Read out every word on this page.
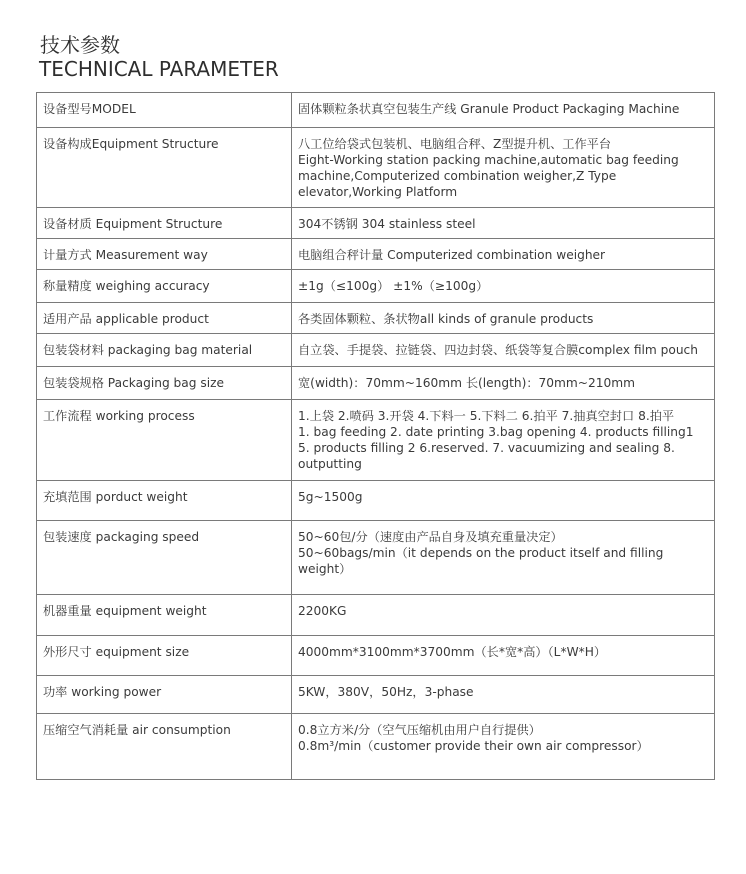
技术参数
TECHNICAL PARAMETER
设备型号MODEL	固体颗粒条状真空包装生产线 Granule Product Packaging Machine

设备构成Equipment Structure	八工位给袋式包装机、电脑组合秤、Z型提升机、工作平台
Eight-Working station packing machine,automatic bag feeding
machine,Computerized combination weigher,Z Type
elevator,Working Platform

设备材质 Equipment Structure	304不锈钢 304 stainless steel

计量方式 Measurement way	电脑组合秤计量 Computerized combination weigher

称量精度 weighing accuracy	±1g（≤100g） ±1%（≥100g）

适用产品 applicable product	各类固体颗粒、条状物all kinds of granule products

包装袋材料 packaging bag material	自立袋、手提袋、拉链袋、四边封袋、纸袋等复合膜complex film pouch

包装袋规格 Packaging bag size	宽(width)：70mm~160mm 长(length)：70mm~210mm

工作流程 working process	1.上袋 2.喷码 3.开袋 4.下料一 5.下料二 6.拍平 7.抽真空封口 8.拍平
1. bag feeding 2. date printing 3.bag opening 4. products filling1
5. products filling 2 6.reserved. 7. vacuumizing and sealing 8.
outputting

充填范围 porduct weight	5g~1500g

包装速度 packaging speed	50~60包/分（速度由产品自身及填充重量决定）
50~60bags/min（it depends on the product itself and filling
weight）

机器重量 equipment weight	2200KG

外形尺寸 equipment size	4000mm*3100mm*3700mm（长*宽*高）（L*W*H）

功率 working power	5KW，380V，50Hz，3-phase

压缩空气消耗量 air consumption	0.8立方米/分（空气压缩机由用户自行提供）
0.8m³/min（customer provide their own air compressor）
